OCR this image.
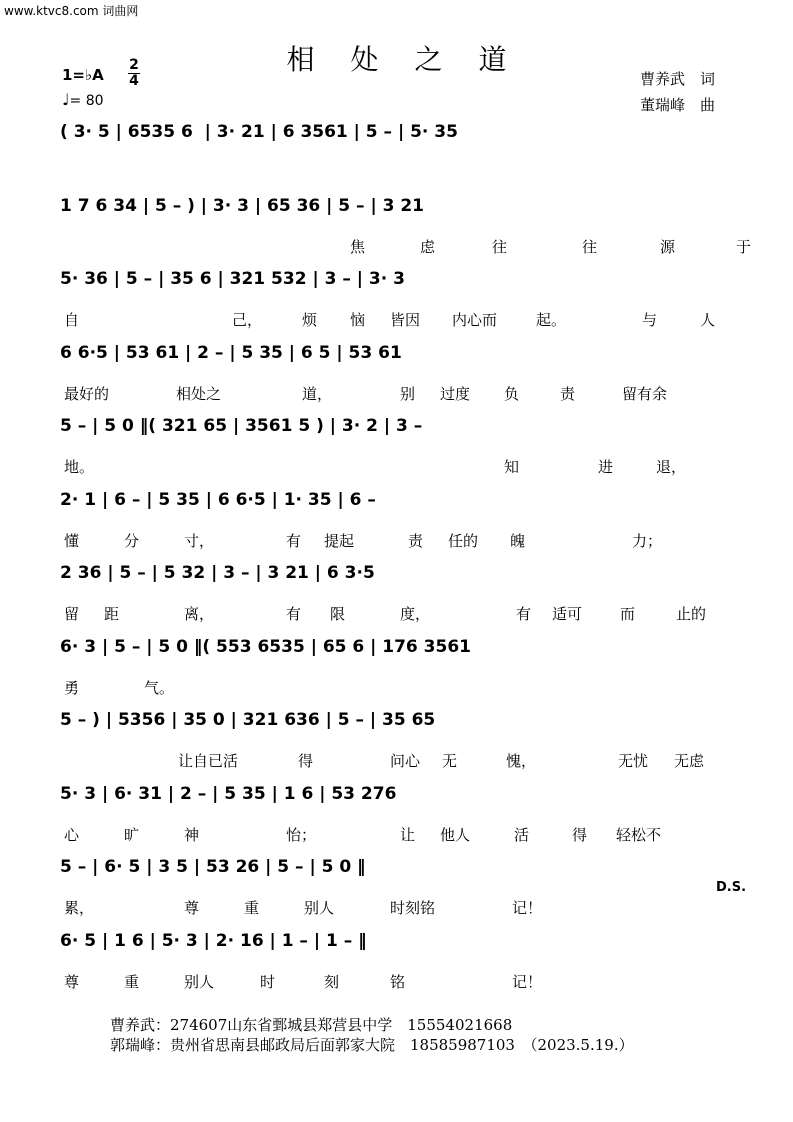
www.ktvc8.com 词曲网
相处之道
1=♭A
2
4
♩= 80
曹养武　词
董瑞峰　曲
( 3· 5 | 6535 6  | 3· 21 | 6 3561 | 5 – | 5· 35
1 7 6 34 | 5 – ) | 3· 3 | 65 36 | 5 – | 3 21
焦	虑	往	往	源	于
5· 36 | 5 – | 35 6 | 321 532 | 3 – | 3· 3
自	己，	烦 恼 皆因 内心而	起。	与	人
6 6·5 | 53 61 | 2 – | 5 35 | 6 5 | 53 61
最好的	相处之	道，	别 过度 负	责	留有余
5 – | 5 0 ‖( 321 65 | 3561 5 ) | 3· 2 | 3 –
地。	知	进	退，
2· 1 | 6 – | 5 35 | 6 6·5 | 1· 35 | 6 –
懂	分	寸，	有 提起	责 任的 魄	力；
2 36 | 5 – | 5 32 | 3 – | 3 21 | 6 3·5
留 距	离，	有 限	度，	有 适可	而	止的
6· 3 | 5 – | 5 0 ‖( 553 6535 | 65 6 | 176 3561
勇	气。
5 – ) | 5356 | 35 0 | 321 636 | 5 – | 35 65
让自已活	得	问心 无	愧，	无忧 无虑
5· 3 | 6· 31 | 2 – | 5 35 | 1 6 | 53 276
心	旷	神	怡；	让 他人	活	得 轻松不
5 – | 6· 5 | 3 5 | 53 26 | 5 – | 5 0 ‖
累，	尊	重	别人	时刻铭	记！
6· 5 | 1 6 | 5· 3 | 2· 16 | 1 – | 1 – ‖
尊	重	别人	时	刻	铭	记！
D.S.
曹养武：274607山东省鄄城县郑营县中学　15554021668
郭瑞峰：贵州省思南县邮政局后面郭家大院　18585987103　（2023.5.19.）
